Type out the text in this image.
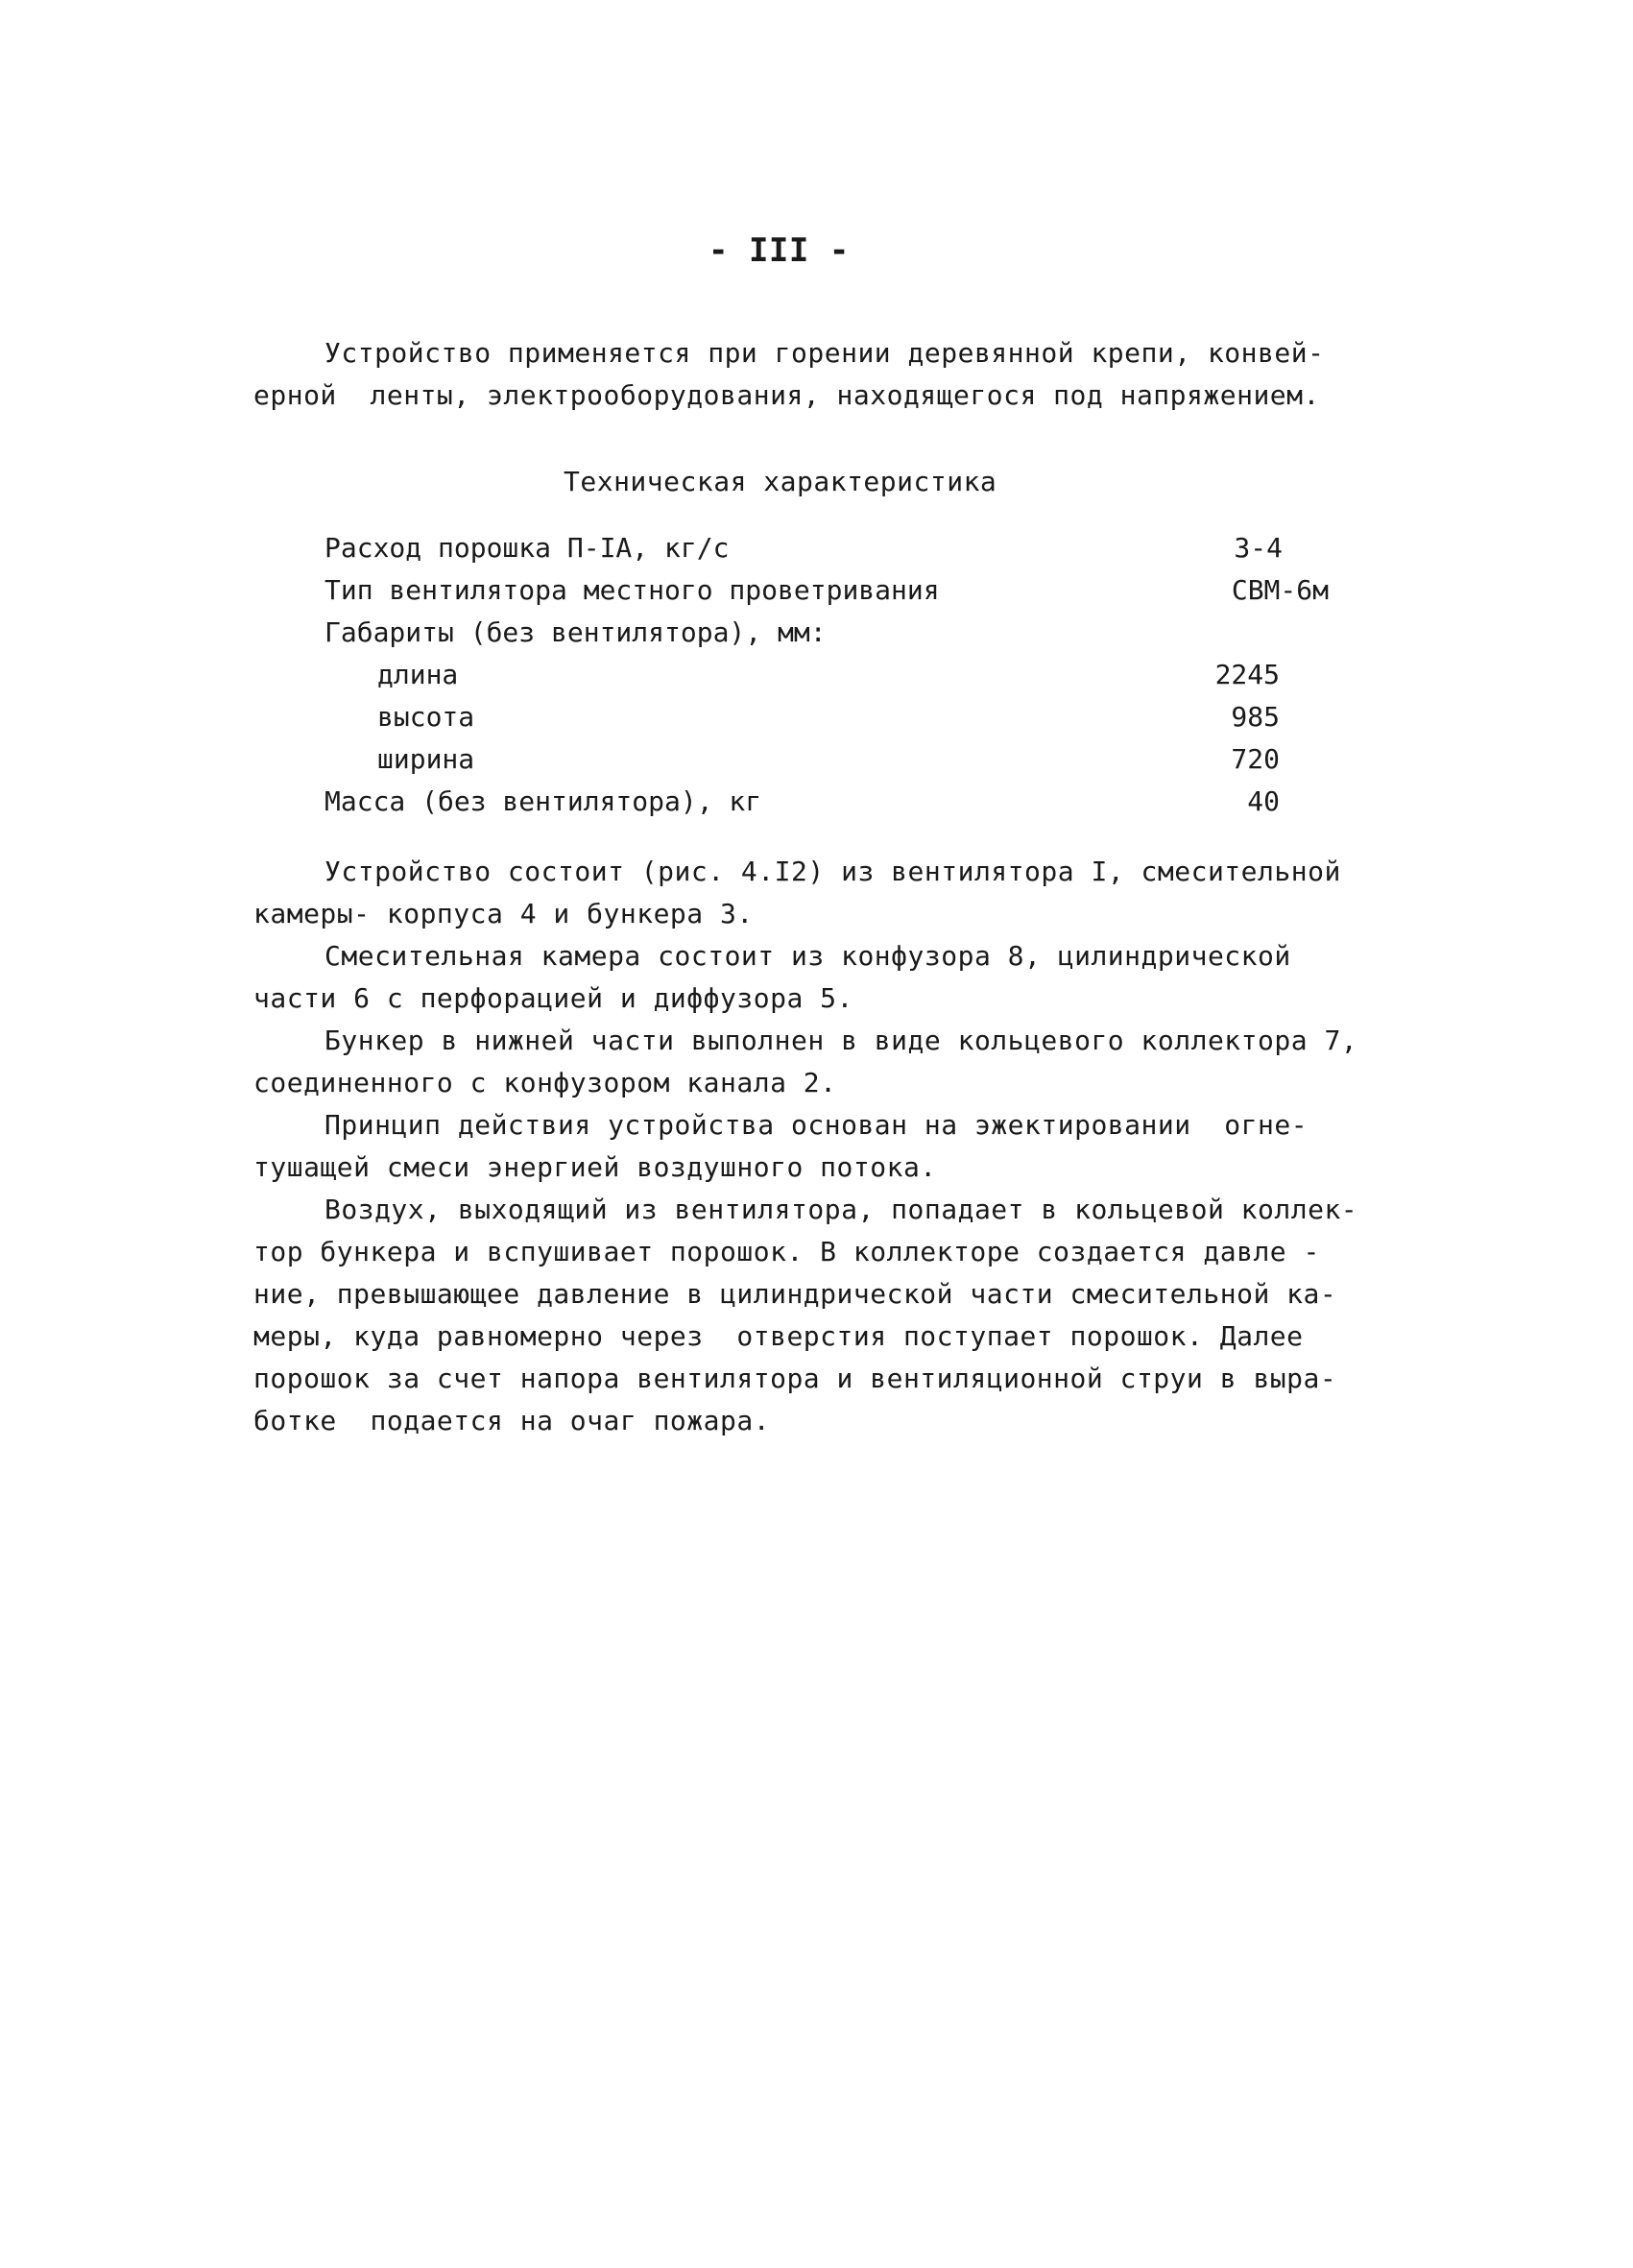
- III -
Устройство применяется при горении деревянной крепи, конвей-
ерной  ленты, электрооборудования, находящегося под напряжением.
Техническая характеристика
Расход порошка П-IА, кг/с	3-4
Тип вентилятора местного проветривания	СВМ-6м
Габариты (без вентилятора), мм:
длина	2245
высота	985
ширина	720
Масса (без вентилятора), кг	40
Устройство состоит (рис. 4.I2) из вентилятора I, смесительной
камеры- корпуса 4 и бункера 3.
Смесительная камера состоит из конфузора 8, цилиндрической
части 6 с перфорацией и диффузора 5.
Бункер в нижней части выполнен в виде кольцевого коллектора 7,
соединенного с конфузором канала 2.
Принцип действия устройства основан на эжектировании  огне-
тушащей смеси энергией воздушного потока.
Воздух, выходящий из вентилятора, попадает в кольцевой коллек-
тор бункера и вспушивает порошок. В коллекторе создается давле -
ние, превышающее давление в цилиндрической части смесительной ка-
меры, куда равномерно через  отверстия поступает порошок. Далее
порошок за счет напора вентилятора и вентиляционной струи в выра-
ботке  подается на очаг пожара.
